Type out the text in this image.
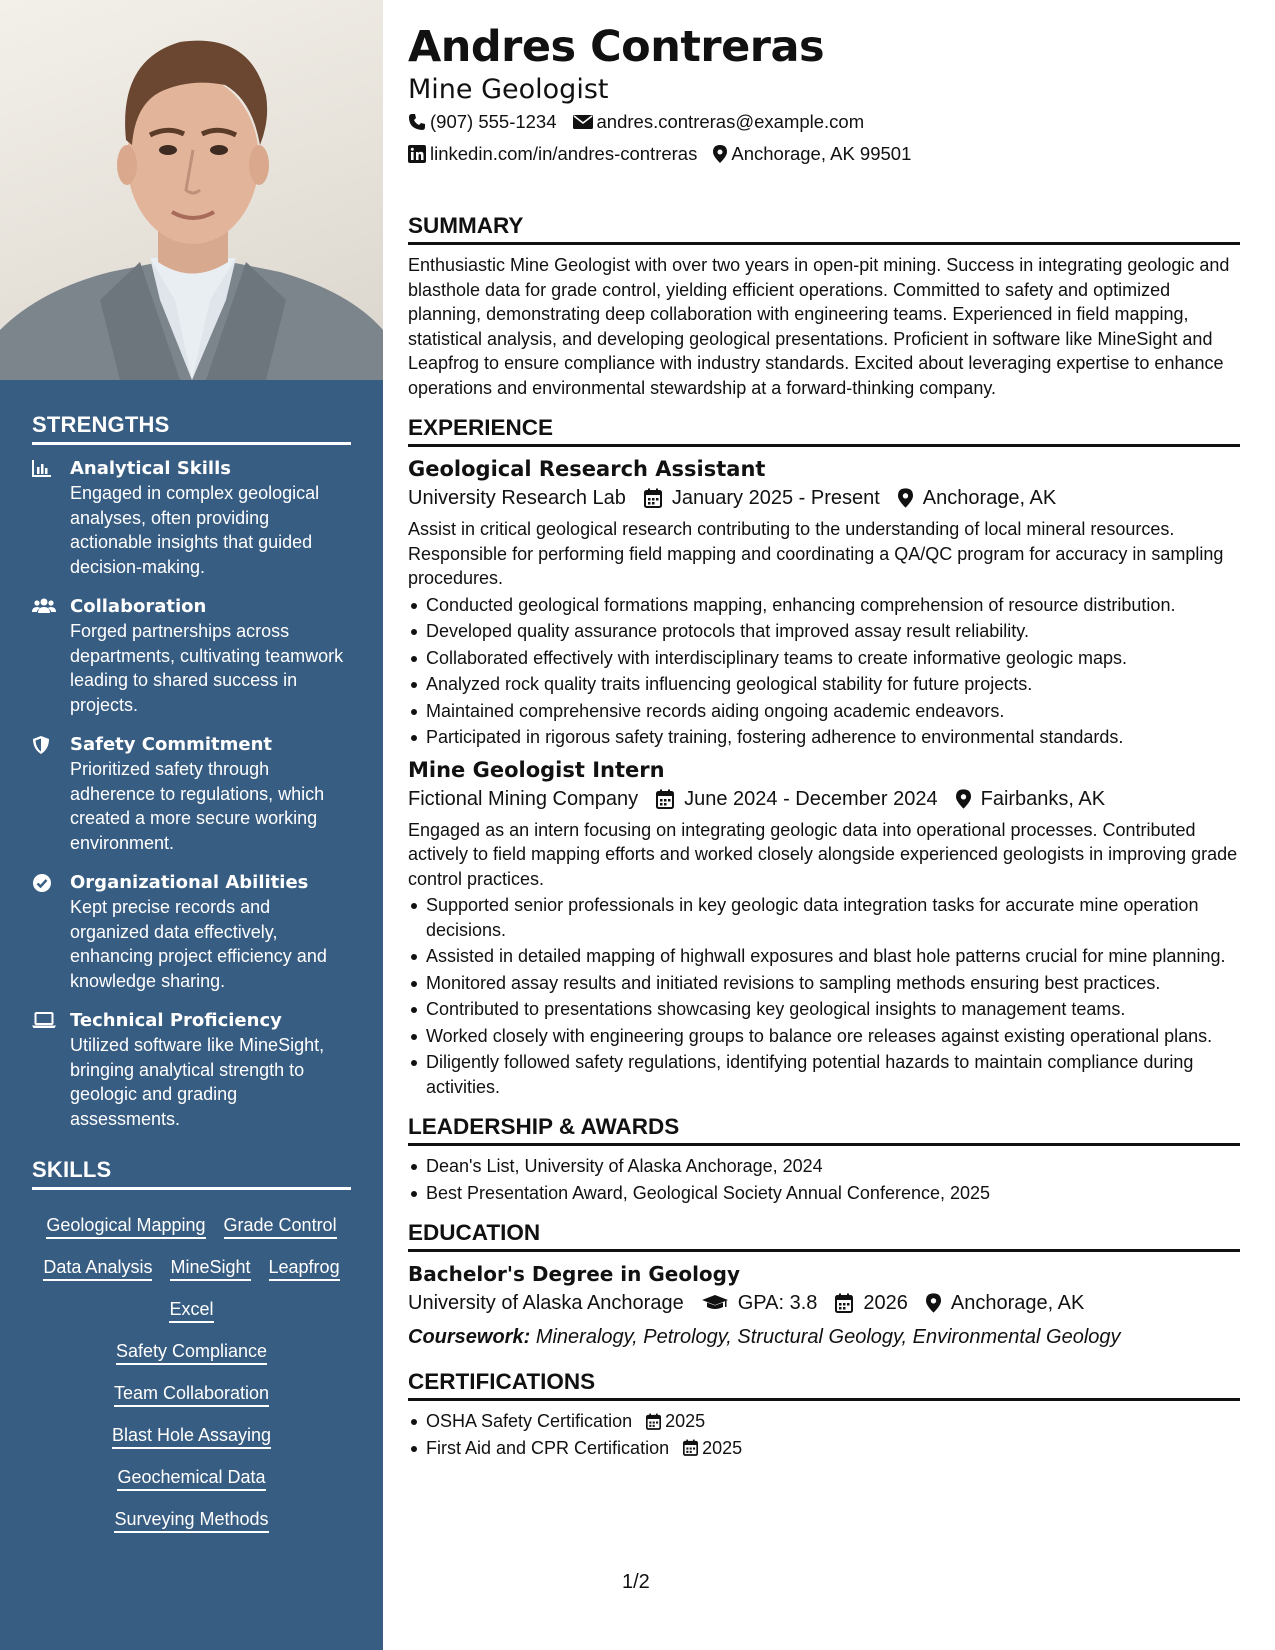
STRENGTHS
Analytical Skills
Engaged in complex geological analyses, often providing actionable insights that guided decision-making.
Collaboration
Forged partnerships across departments, cultivating teamwork leading to shared success in projects.
Safety Commitment
Prioritized safety through adherence to regulations, which created a more secure working environment.
Organizational Abilities
Kept precise records and organized data effectively, enhancing project efficiency and knowledge sharing.
Technical Proficiency
Utilized software like MineSight, bringing analytical strength to geologic and grading assessments.
SKILLS
Geological Mapping Grade Control
Data Analysis MineSight Leapfrog
Excel
Safety Compliance
Team Collaboration
Blast Hole Assaying
Geochemical Data
Surveying Methods
Andres Contreras
Mine Geologist
(907) 555-1234 andres.contreras@example.com
linkedin.com/in/andres-contreras Anchorage, AK 99501
SUMMARY
Enthusiastic Mine Geologist with over two years in open-pit mining. Success in integrating geologic and blasthole data for grade control, yielding efficient operations. Committed to safety and optimized planning, demonstrating deep collaboration with engineering teams. Experienced in field mapping, statistical analysis, and developing geological presentations. Proficient in software like MineSight and Leapfrog to ensure compliance with industry standards. Excited about leveraging expertise to enhance operations and environmental stewardship at a forward-thinking company.
EXPERIENCE
Geological Research Assistant
University Research Lab January 2025 - Present Anchorage, AK
Assist in critical geological research contributing to the understanding of local mineral resources. Responsible for performing field mapping and coordinating a QA/QC program for accuracy in sampling procedures.
Conducted geological formations mapping, enhancing comprehension of resource distribution.
Developed quality assurance protocols that improved assay result reliability.
Collaborated effectively with interdisciplinary teams to create informative geologic maps.
Analyzed rock quality traits influencing geological stability for future projects.
Maintained comprehensive records aiding ongoing academic endeavors.
Participated in rigorous safety training, fostering adherence to environmental standards.
Mine Geologist Intern
Fictional Mining Company June 2024 - December 2024 Fairbanks, AK
Engaged as an intern focusing on integrating geologic data into operational processes. Contributed actively to field mapping efforts and worked closely alongside experienced geologists in improving grade control practices.
Supported senior professionals in key geologic data integration tasks for accurate mine operation decisions.
Assisted in detailed mapping of highwall exposures and blast hole patterns crucial for mine planning.
Monitored assay results and initiated revisions to sampling methods ensuring best practices.
Contributed to presentations showcasing key geological insights to management teams.
Worked closely with engineering groups to balance ore releases against existing operational plans.
Diligently followed safety regulations, identifying potential hazards to maintain compliance during activities.
LEADERSHIP & AWARDS
Dean's List, University of Alaska Anchorage, 2024
Best Presentation Award, Geological Society Annual Conference, 2025
EDUCATION
Bachelor's Degree in Geology
University of Alaska Anchorage	GPA: 3.8 2026 Anchorage, AK
Coursework: Mineralogy, Petrology, Structural Geology, Environmental Geology
CERTIFICATIONS
OSHA Safety Certification 2025
First Aid and CPR Certification 2025
1/2
